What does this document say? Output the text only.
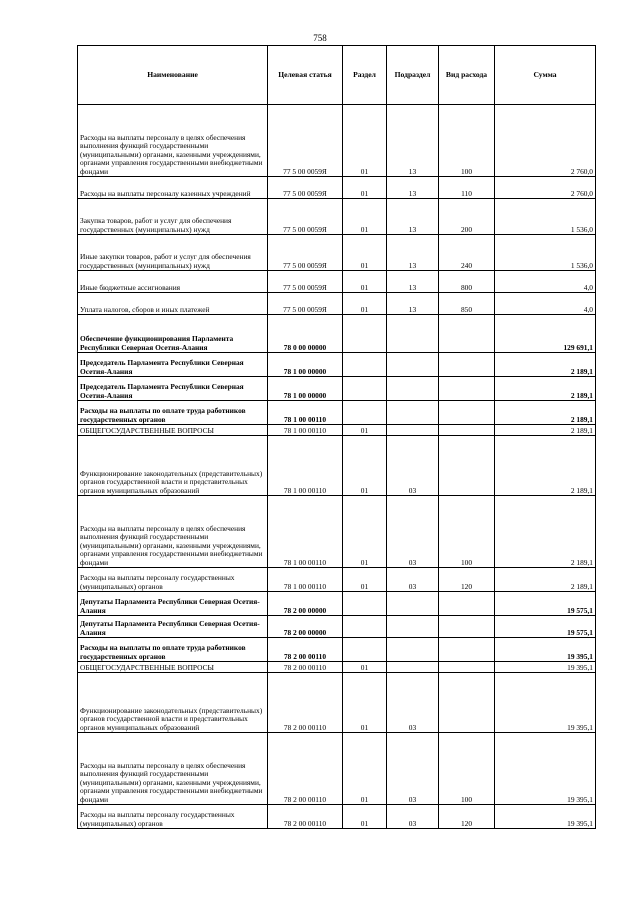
758
Наименование	Целевая статья	Раздел	Подраздел	Вид расхода	Сумма
Расходы на выплаты персоналу в целях обеспечения выполнения функций государственными (муниципальными) органами, казенными учреждениями, органами управления государственными внебюджетными фондами	77 5 00 0059Я	01	13	100	2 760,0
Расходы на выплаты персоналу казенных учреждений	77 5 00 0059Я	01	13	110	2 760,0
Закупка товаров, работ и услуг для обеспечения государственных (муниципальных) нужд	77 5 00 0059Я	01	13	200	1 536,0
Иные закупки товаров, работ и услуг для обеспечения государственных (муниципальных) нужд	77 5 00 0059Я	01	13	240	1 536,0
Иные бюджетные ассигнования	77 5 00 0059Я	01	13	800	4,0
Уплата налогов, сборов и иных платежей	77 5 00 0059Я	01	13	850	4,0
Обеспечение функционирования Парламента Республики Северная Осетия-Алания	78 0 00 00000				129 691,1
Председатель Парламента Республики Северная Осетия-Алания	78 1 00 00000				2 189,1
Председатель Парламента Республики Северная Осетия-Алания	78 1 00 00000				2 189,1
Расходы на выплаты по оплате труда работников государственных органов	78 1 00 00110				2 189,1
ОБЩЕГОСУДАРСТВЕННЫЕ ВОПРОСЫ	78 1 00 00110	01			2 189,1
Функционирование законодательных (представительных) органов государственной власти и представительных органов муниципальных образований	78 1 00 00110	01	03		2 189,1
Расходы на выплаты персоналу в целях обеспечения выполнения функций государственными (муниципальными) органами, казенными учреждениями, органами управления государственными внебюджетными фондами	78 1 00 00110	01	03	100	2 189,1
Расходы на выплаты персоналу государственных (муниципальных) органов	78 1 00 00110	01	03	120	2 189,1
Депутаты Парламента Республики Северная Осетия-Алания	78 2 00 00000				19 575,1
Депутаты Парламента Республики Северная Осетия-Алания	78 2 00 00000				19 575,1
Расходы на выплаты по оплате труда работников государственных органов	78 2 00 00110				19 395,1
ОБЩЕГОСУДАРСТВЕННЫЕ ВОПРОСЫ	78 2 00 00110	01			19 395,1
Функционирование законодательных (представительных) органов государственной власти и представительных органов муниципальных образований	78 2 00 00110	01	03		19 395,1
Расходы на выплаты персоналу в целях обеспечения выполнения функций государственными (муниципальными) органами, казенными учреждениями, органами управления государственными внебюджетными фондами	78 2 00 00110	01	03	100	19 395,1
Расходы на выплаты персоналу государственных (муниципальных) органов	78 2 00 00110	01	03	120	19 395,1
